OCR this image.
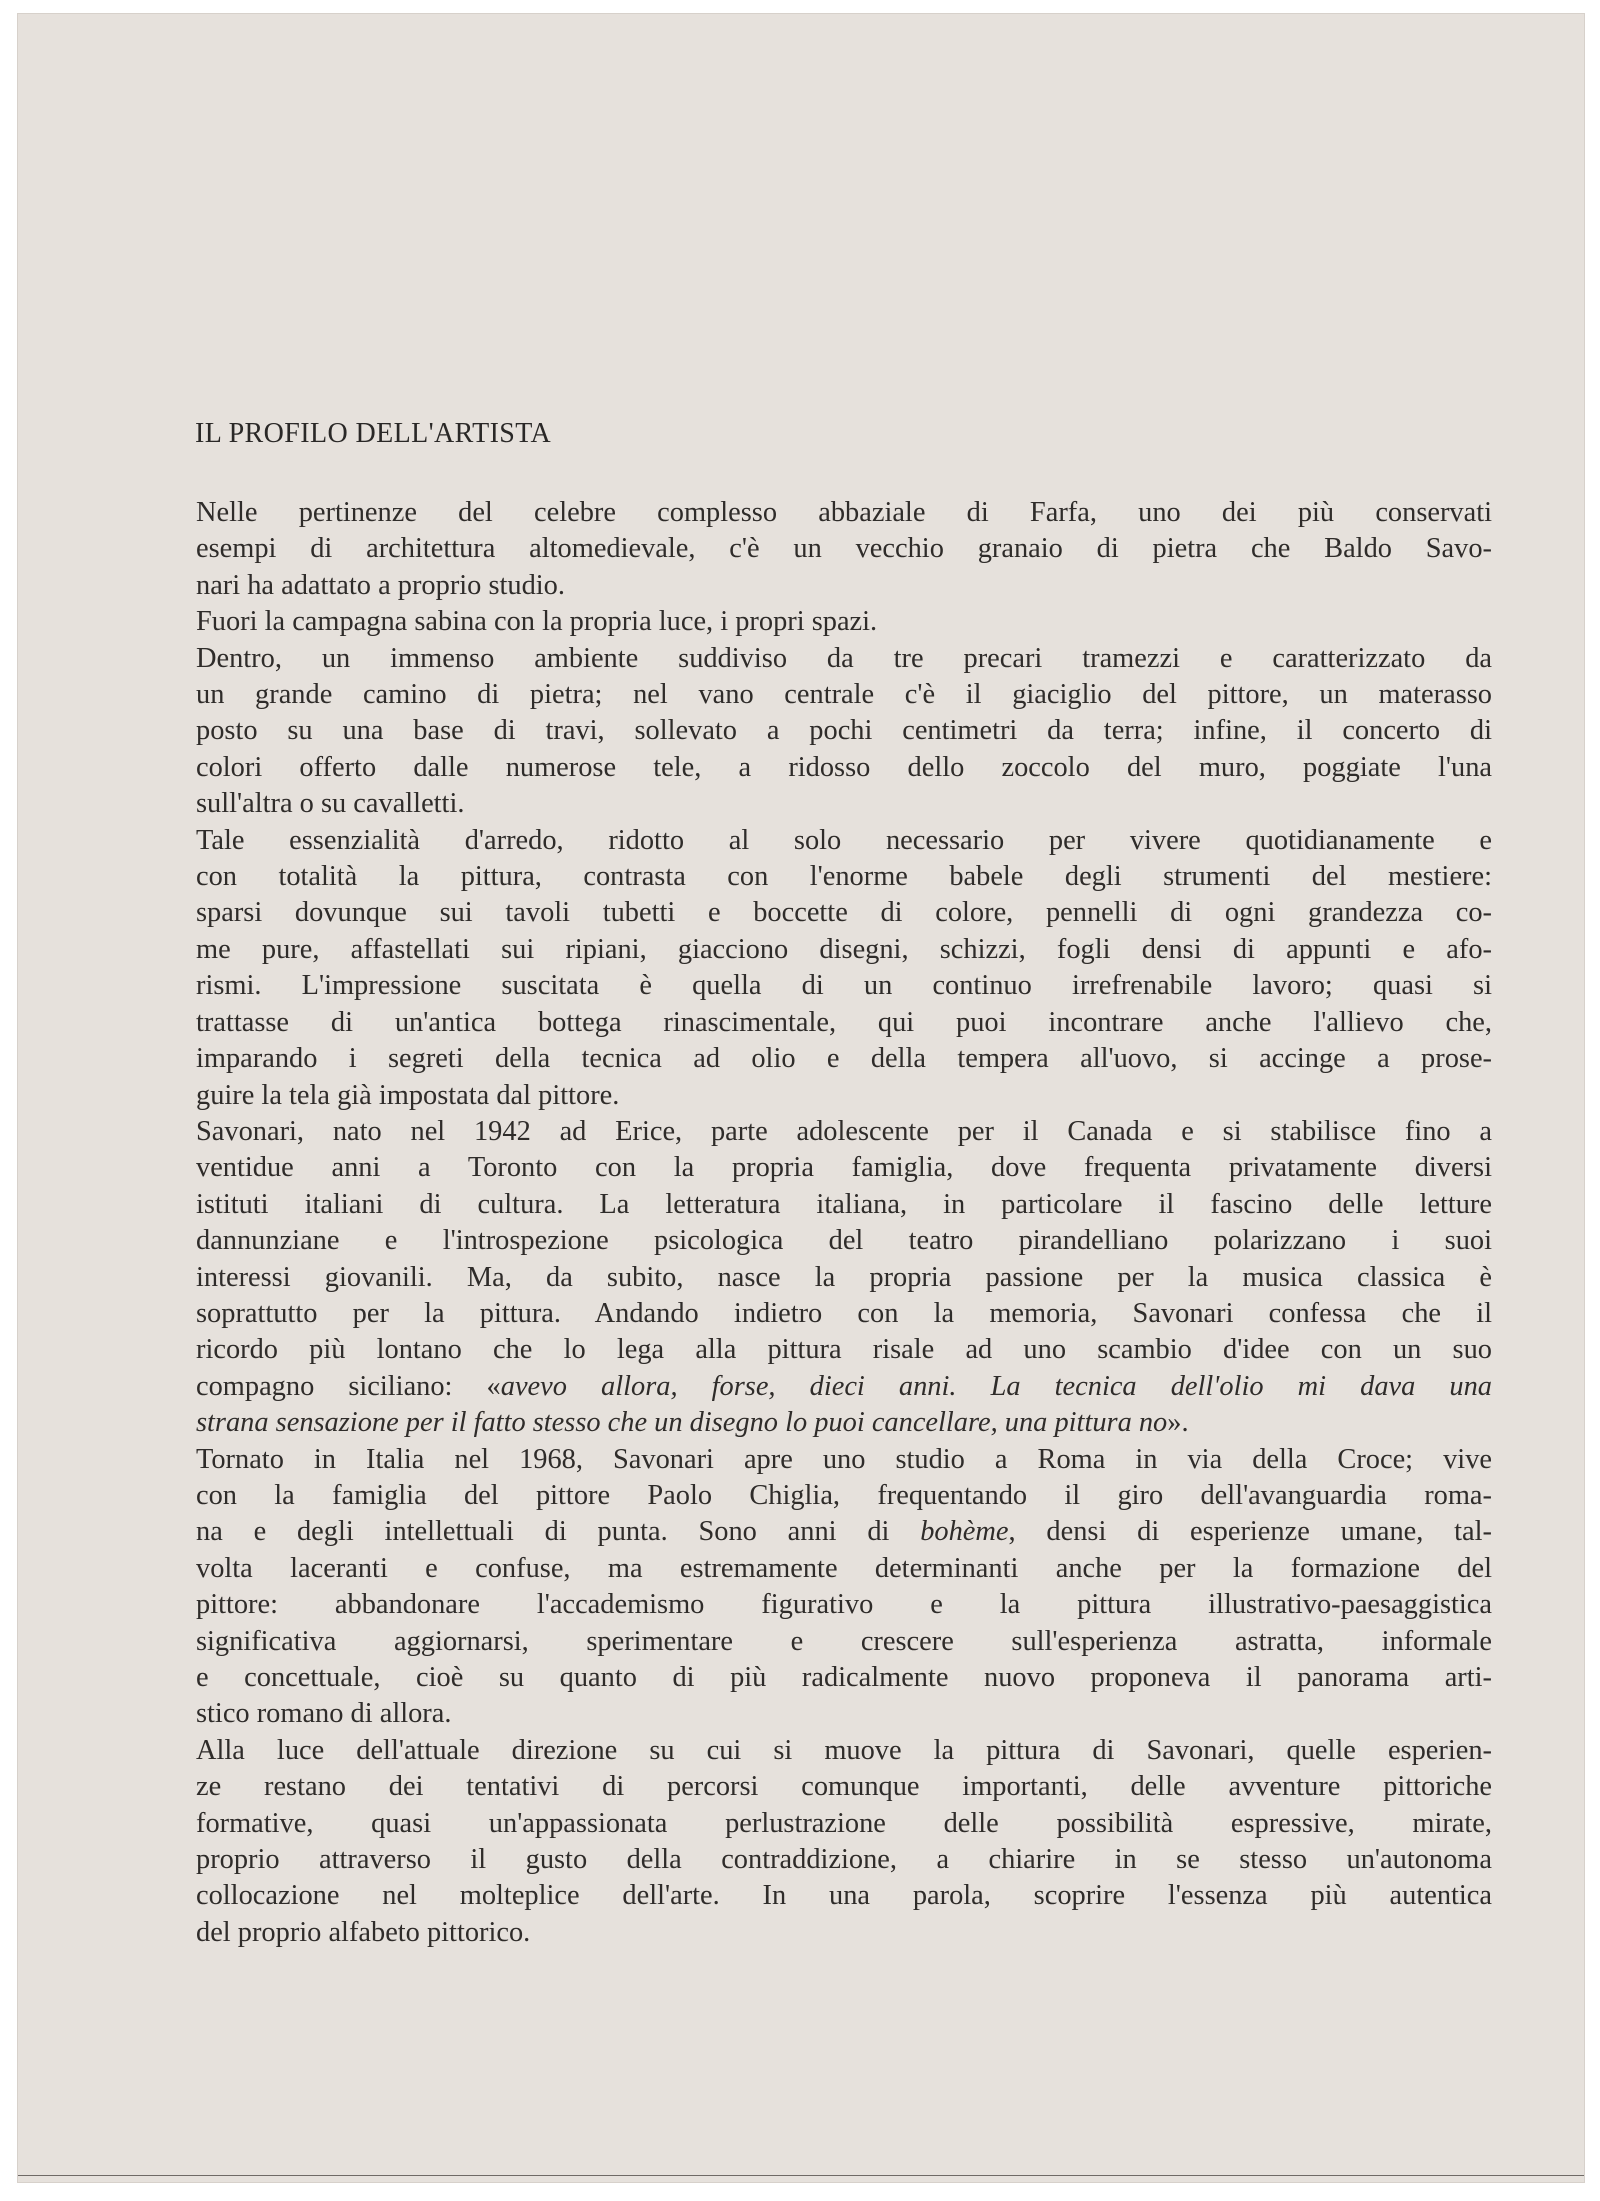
IL PROFILO DELL'ARTISTA
Nelle pertinenze del celebre complesso abbaziale di Farfa, uno dei più conservati
esempi di architettura altomedievale, c'è un vecchio granaio di pietra che Baldo Savo-
nari ha adattato a proprio studio.
Fuori la campagna sabina con la propria luce, i propri spazi.
Dentro, un immenso ambiente suddiviso da tre precari tramezzi e caratterizzato da
un grande camino di pietra; nel vano centrale c'è il giaciglio del pittore, un materasso
posto su una base di travi, sollevato a pochi centimetri da terra; infine, il concerto di
colori offerto dalle numerose tele, a ridosso dello zoccolo del muro, poggiate l'una
sull'altra o su cavalletti.
Tale essenzialità d'arredo, ridotto al solo necessario per vivere quotidianamente e
con totalità la pittura, contrasta con l'enorme babele degli strumenti del mestiere:
sparsi dovunque sui tavoli tubetti e boccette di colore, pennelli di ogni grandezza co-
me pure, affastellati sui ripiani, giacciono disegni, schizzi, fogli densi di appunti e afo-
rismi. L'impressione suscitata è quella di un continuo irrefrenabile lavoro; quasi si
trattasse di un'antica bottega rinascimentale, qui puoi incontrare anche l'allievo che,
imparando i segreti della tecnica ad olio e della tempera all'uovo, si accinge a prose-
guire la tela già impostata dal pittore.
Savonari, nato nel 1942 ad Erice, parte adolescente per il Canada e si stabilisce fino a
ventidue anni a Toronto con la propria famiglia, dove frequenta privatamente diversi
istituti italiani di cultura. La letteratura italiana, in particolare il fascino delle letture
dannunziane e l'introspezione psicologica del teatro pirandelliano polarizzano i suoi
interessi giovanili. Ma, da subito, nasce la propria passione per la musica classica è
soprattutto per la pittura. Andando indietro con la memoria, Savonari confessa che il
ricordo più lontano che lo lega alla pittura risale ad uno scambio d'idee con un suo
compagno siciliano: «avevo allora, forse, dieci anni. La tecnica dell'olio mi dava una
strana sensazione per il fatto stesso che un disegno lo puoi cancellare, una pittura no».
Tornato in Italia nel 1968, Savonari apre uno studio a Roma in via della Croce; vive
con la famiglia del pittore Paolo Chiglia, frequentando il giro dell'avanguardia roma-
na e degli intellettuali di punta. Sono anni di bohème, densi di esperienze umane, tal-
volta laceranti e confuse, ma estremamente determinanti anche per la formazione del
pittore: abbandonare l'accademismo figurativo e la pittura illustrativo-paesaggistica
significativa aggiornarsi, sperimentare e crescere sull'esperienza astratta, informale
e concettuale, cioè su quanto di più radicalmente nuovo proponeva il panorama arti-
stico romano di allora.
Alla luce dell'attuale direzione su cui si muove la pittura di Savonari, quelle esperien-
ze restano dei tentativi di percorsi comunque importanti, delle avventure pittoriche
formative, quasi un'appassionata perlustrazione delle possibilità espressive, mirate,
proprio attraverso il gusto della contraddizione, a chiarire in se stesso un'autonoma
collocazione nel molteplice dell'arte. In una parola, scoprire l'essenza più autentica
del proprio alfabeto pittorico.
